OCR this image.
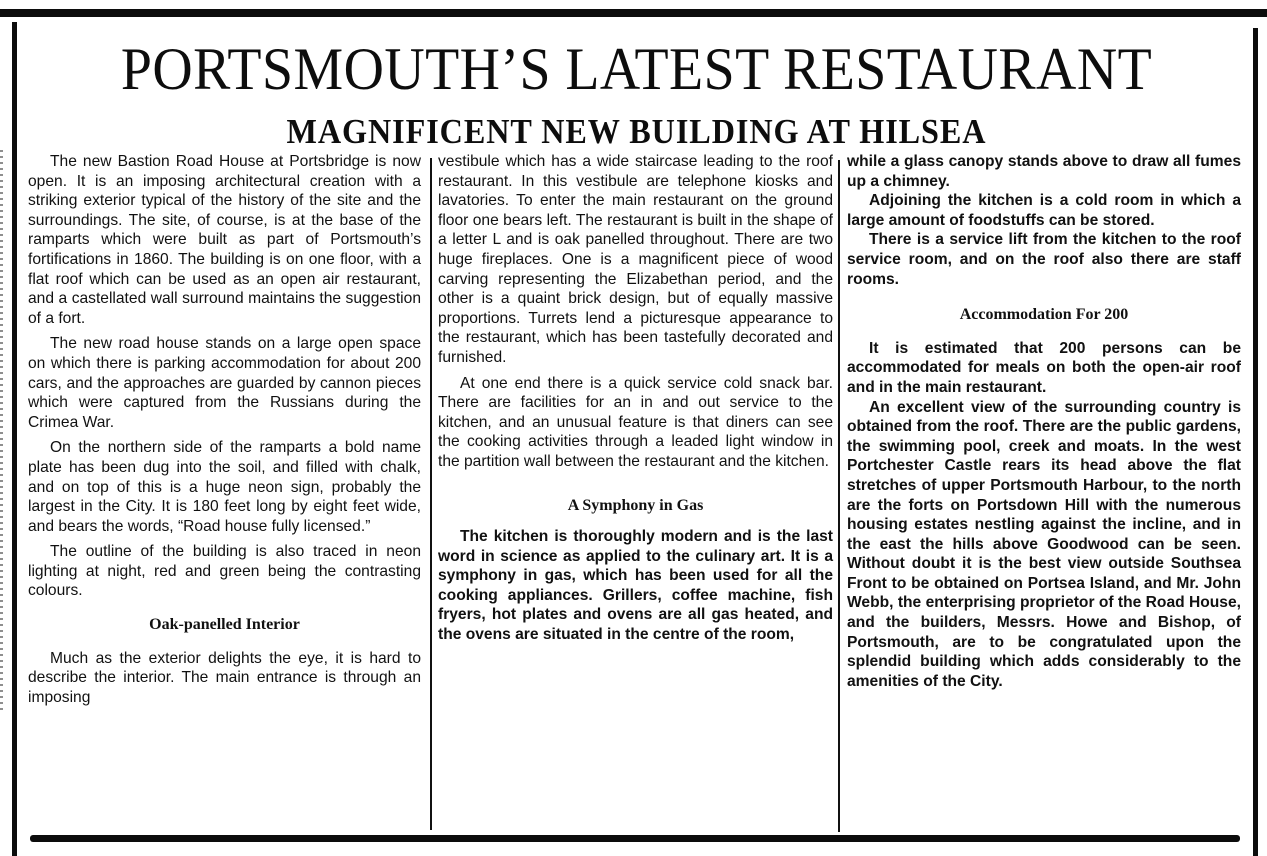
PORTSMOUTH’S LATEST RESTAURANT
MAGNIFICENT NEW BUILDING AT HILSEA

The new Bastion Road House at Portsbridge is now open. It is an imposing architectural creation with a striking exterior typical of the history of the site and the surroundings. The site, of course, is at the base of the ramparts which were built as part of Portsmouth’s fortifications in 1860. The building is on one floor, with a flat roof which can be used as an open air restaurant, and a castellated wall surround maintains the suggestion of a fort.

The new road house stands on a large open space on which there is parking accommodation for about 200 cars, and the approaches are guarded by cannon pieces which were captured from the Russians during the Crimea War.

On the northern side of the ramparts a bold name plate has been dug into the soil, and filled with chalk, and on top of this is a huge neon sign, probably the largest in the City. It is 180 feet long by eight feet wide, and bears the words, “Road house fully licensed.”

The outline of the building is also traced in neon lighting at night, red and green being the contrasting colours.

Oak-panelled Interior

Much as the exterior delights the eye, it is hard to describe the interior. The main entrance is through an imposing

vestibule which has a wide staircase leading to the roof restaurant. In this vestibule are telephone kiosks and lavatories. To enter the main restaurant on the ground floor one bears left. The restaurant is built in the shape of a letter L and is oak panelled throughout. There are two huge fireplaces. One is a magnificent piece of wood carving representing the Elizabethan period, and the other is a quaint brick design, but of equally massive proportions. Turrets lend a picturesque appearance to the restaurant, which has been tastefully decorated and furnished.

At one end there is a quick service cold snack bar. There are facilities for an in and out service to the kitchen, and an unusual feature is that diners can see the cooking activities through a leaded light window in the partition wall between the restaurant and the kitchen.

A Symphony in Gas

The kitchen is thoroughly modern and is the last word in science as applied to the culinary art. It is a symphony in gas, which has been used for all the cooking appliances. Grillers, coffee machine, fish fryers, hot plates and ovens are all gas heated, and the ovens are situated in the centre of the room,

while a glass canopy stands above to draw all fumes up a chimney.

Adjoining the kitchen is a cold room in which a large amount of foodstuffs can be stored.

There is a service lift from the kitchen to the roof service room, and on the roof also there are staff rooms.

Accommodation For 200

It is estimated that 200 persons can be accommodated for meals on both the open-air roof and in the main restaurant.

An excellent view of the surrounding country is obtained from the roof. There are the public gardens, the swimming pool, creek and moats. In the west Portchester Castle rears its head above the flat stretches of upper Portsmouth Harbour, to the north are the forts on Portsdown Hill with the numerous housing estates nestling against the incline, and in the east the hills above Goodwood can be seen. Without doubt it is the best view outside Southsea Front to be obtained on Portsea Island, and Mr. John Webb, the enterprising proprietor of the Road House, and the builders, Messrs. Howe and Bishop, of Portsmouth, are to be congratulated upon the splendid building which adds considerably to the amenities of the City.
